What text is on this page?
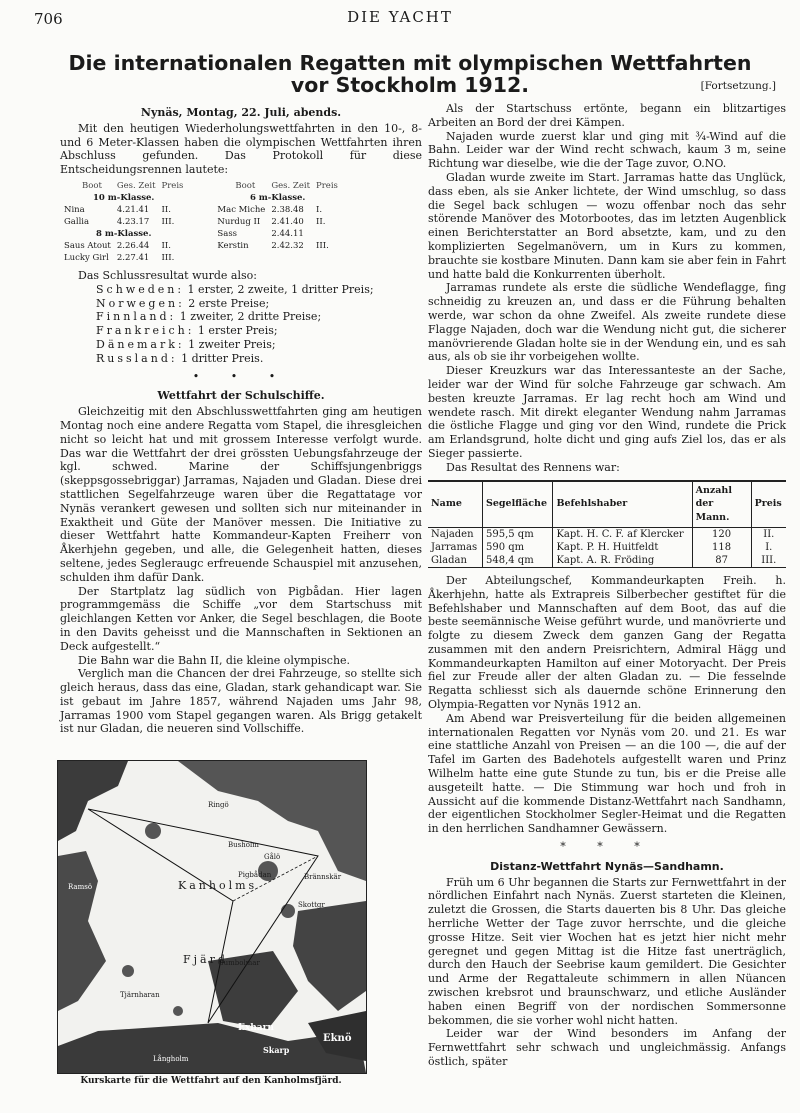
706	DIE YACHT
Die internationalen Regatten mit olympischen Wettfahrten
vor Stockholm 1912.	[Fortsetzung.]

Nynäs, Montag, 22. Juli, abends.

Mit den heutigen Wiederholungswettfahrten in den 10-, 8- und 6 Meter-Klassen haben die olympischen Wettfahrten ihren Abschluss gefunden. Das Protokoll für diese Entscheidungsrennen lautete:

Boot	Ges. Zeit	Preis		Boot	Ges. Zeit	Preis
10 m-Klasse.				6 m-Klasse.		
Nina	4.21.41	II.		Mac Miche	2.38.48	I.
Gallia	4.23.17	III.		Nurdug II	2.41.40	II.
8 m-Klasse.				Sass	2.44.11	
Saus Atout	2.26.44	II.		Kerstin	2.42.32	III.
Lucky Girl	2.27.41	III.				

Das Schlussresultat wurde also:

Schweden: 1 erster, 2 zweite, 1 dritter Preis;

Norwegen: 2 erste Preise;

Finnland: 1 zweiter, 2 dritte Preise;

Frankreich: 1 erster Preis;

Dänemark: 1 zweiter Preis;

Russland: 1 dritter Preis.

• • •

Wettfahrt der Schulschiffe.

Gleichzeitig mit den Abschlusswettfahrten ging am heutigen Montag noch eine andere Regatta vom Stapel, die ihresgleichen nicht so leicht hat und mit grossem Interesse verfolgt wurde. Das war die Wettfahrt der drei grössten Uebungsfahrzeuge der kgl. schwed. Marine der Schiffsjungenbriggs (skeppsgossebriggar) Jarramas, Najaden und Gladan. Diese drei stattlichen Segelfahrzeuge waren über die Regattatage vor Nynäs verankert gewesen und sollten sich nur miteinander in Exaktheit und Güte der Manöver messen. Die Initiative zu dieser Wettfahrt hatte Kommandeur-Kapten Freiherr von Åkerhjehn gegeben, und alle, die Gelegenheit hatten, dieses seltene, jedes Segleraugc erfreuende Schauspiel mit anzusehen, schulden ihm dafür Dank.

Der Startplatz lag südlich von Pigbådan. Hier lagen programmgemäss die Schiffe „vor dem Startschuss mit gleichlangen Ketten vor Anker, die Segel beschlagen, die Boote in den Davits geheisst und die Mannschaften in Sektionen an Deck aufgestellt.“

Die Bahn war die Bahn II, die kleine olympische.

Verglich man die Chancen der drei Fahrzeuge, so stellte sich gleich heraus, dass das eine, Gladan, stark gehandicapt war. Sie ist gebaut im Jahre 1857, während Najaden ums Jahr 98, Jarramas 1900 vom Stapel gegangen waren. Als Brigg getakelt ist nur Gladan, die neueren sind Vollschiffe.

Kanholms
Fjärd
Exharn
Skarp
Eknö
Långholm
Pigbådan
Ramsö
Skottgr
Brännskär
Gålö
Busholm
Gumbolmar
Tjärnharan
Ringö
Kurskarte für die Wettfahrt auf den Kanholmsfjärd.

Als der Startschuss ertönte, begann ein blitzartiges Arbeiten an Bord der drei Kämpen.

Najaden wurde zuerst klar und ging mit ¾-Wind auf die Bahn. Leider war der Wind recht schwach, kaum 3 m, seine Richtung war dieselbe, wie die der Tage zuvor, O.NO.

Gladan wurde zweite im Start. Jarramas hatte das Unglück, dass eben, als sie Anker lichtete, der Wind umschlug, so dass die Segel back schlugen — wozu offenbar noch das sehr störende Manöver des Motorbootes, das im letzten Augenblick einen Berichterstatter an Bord absetzte, kam, und zu den komplizierten Segelmanövern, um in Kurs zu kommen, brauchte sie kostbare Minuten. Dann kam sie aber fein in Fahrt und hatte bald die Konkurrenten überholt.

Jarramas rundete als erste die südliche Wendeflagge, fing schneidig zu kreuzen an, und dass er die Führung behalten werde, war schon da ohne Zweifel. Als zweite rundete diese Flagge Najaden, doch war die Wendung nicht gut, die sicherer manövrierende Gladan holte sie in der Wendung ein, und es sah aus, als ob sie ihr vorbeigehen wollte.

Dieser Kreuzkurs war das Interessanteste an der Sache, leider war der Wind für solche Fahrzeuge gar schwach. Am besten kreuzte Jarramas. Er lag recht hoch am Wind und wendete rasch. Mit direkt eleganter Wendung nahm Jarramas die östliche Flagge und ging vor den Wind, rundete die Prick am Erlandsgrund, holte dicht und ging aufs Ziel los, das er als Sieger passierte.

Das Resultat des Rennens war:

Name	Segelfläche	Befehlshaber	Anzahl der Mann.	Preis
Najaden	595,5 qm	Kapt. H. C. F. af Klercker	120	II.
Jarramas	590 qm	Kapt. P. H. Huitfeldt	118	I.
Gladan	548,4 qm	Kapt. A. R. Fröding	87	III.

Der Abteilungschef, Kommandeurkapten Freih. h. Åkerhjehn, hatte als Extrapreis Silberbecher gestiftet für die Befehlshaber und Mannschaften auf dem Boot, das auf die beste seemännische Weise geführt wurde, und manövrierte und folgte zu diesem Zweck dem ganzen Gang der Regatta zusammen mit den andern Preisrichtern, Admiral Hägg und Kommandeurkapten Hamilton auf einer Motoryacht. Der Preis fiel zur Freude aller der alten Gladan zu. — Die fesselnde Regatta schliesst sich als dauernde schöne Erinnerung den Olympia-Regatten vor Nynäs 1912 an.

Am Abend war Preisverteilung für die beiden allgemeinen internationalen Regatten vor Nynäs vom 20. und 21. Es war eine stattliche Anzahl von Preisen — an die 100 —, die auf der Tafel im Garten des Badehotels aufgestellt waren und Prinz Wilhelm hatte eine gute Stunde zu tun, bis er die Preise alle ausgeteilt hatte. — Die Stimmung war hoch und froh in Aussicht auf die kommende Distanz-Wettfahrt nach Sandhamn, der eigentlichen Stockholmer Segler-Heimat und die Regatten in den herrlichen Sandhamner Gewässern.

* * *

Distanz-Wettfahrt Nynäs—Sandhamn.

Früh um 6 Uhr begannen die Starts zur Fernwettfahrt in der nördlichen Einfahrt nach Nynäs. Zuerst starteten die Kleinen, zuletzt die Grossen, die Starts dauerten bis 8 Uhr. Das gleiche herrliche Wetter der Tage zuvor herrschte, und die gleiche grosse Hitze. Seit vier Wochen hat es jetzt hier nicht mehr geregnet und gegen Mittag ist die Hitze fast unerträglich, durch den Hauch der Seebrise kaum gemildert. Die Gesichter und Arme der Regattaleute schimmern in allen Nüancen zwischen krebsrot und braunschwarz, und etliche Ausländer haben einen Begriff von der nordischen Sommersonne bekommen, die sie vorher wohl nicht hatten.

Leider war der Wind besonders im Anfang der Fernwettfahrt sehr schwach und ungleichmässig. Anfangs östlich, später
